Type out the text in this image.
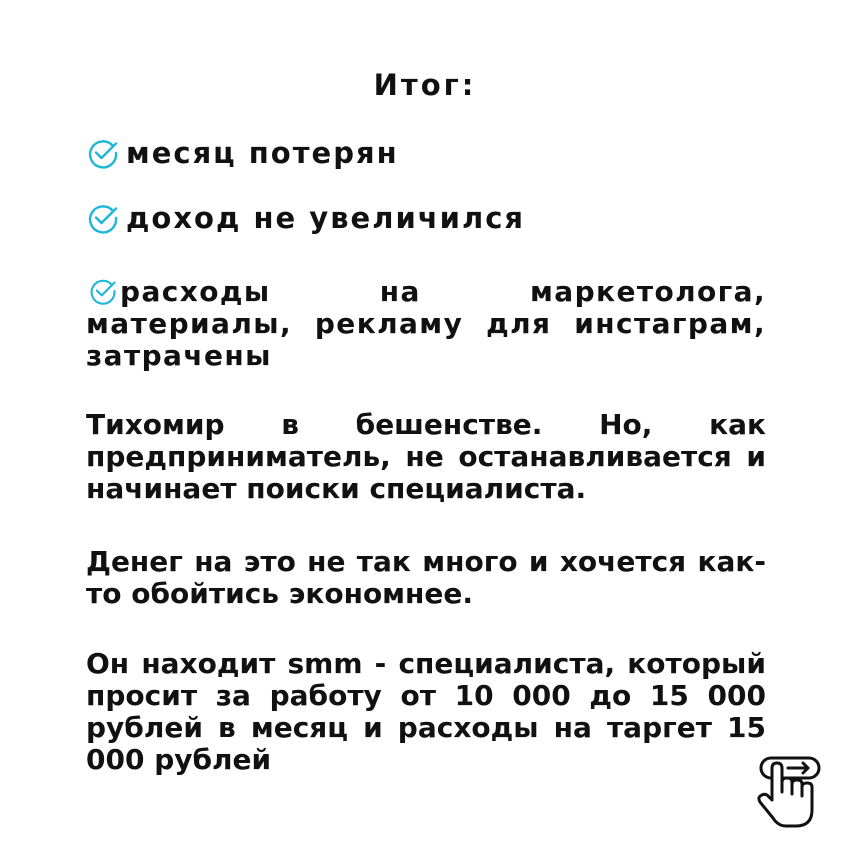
Итог:
месяц потерян
доход не увеличился

расходы на маркетолога, материалы, рекламу для инстаграм, затрачены

Тихомир в бешенстве. Но, как предприниматель, не останавливается и начинает поиски специалиста.

Денег на это не так много и хочется как-то обойтись экономнее.

Он находит smm - специалиста, который просит за работу от 10 000 до 15 000 рублей в месяц и расходы на таргет 15 000 рублей
